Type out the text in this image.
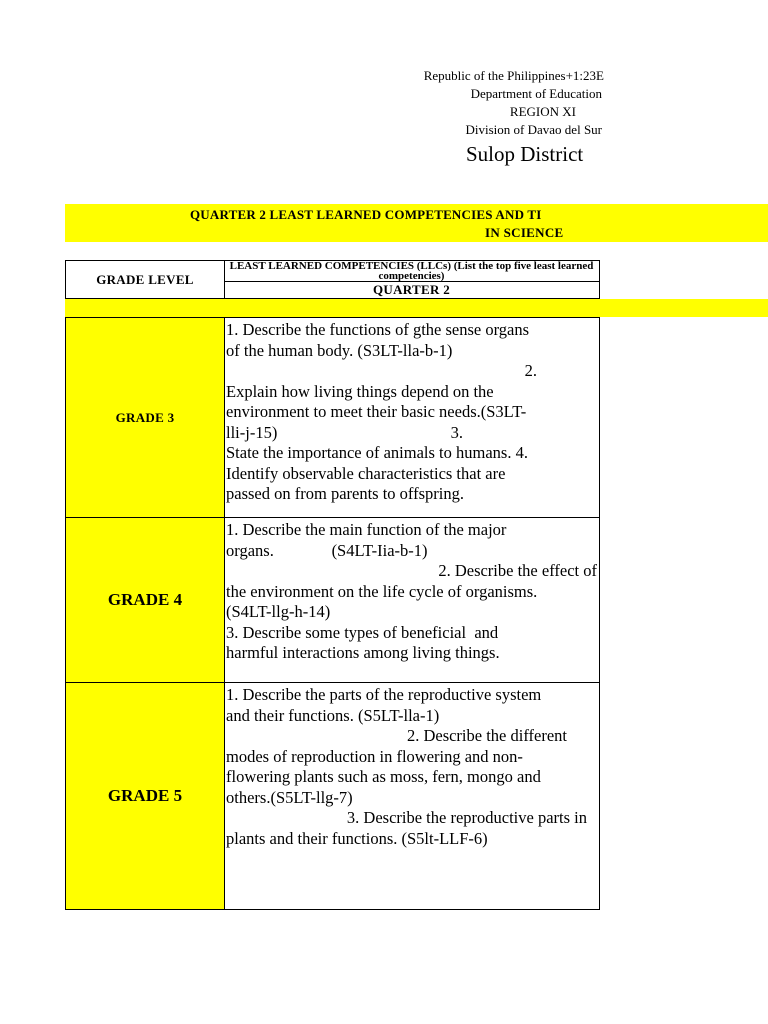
Republic of the Philippines+1:23E
Department of Education
REGION XI
Division of Davao del Sur
Sulop District
QUARTER 2 LEAST LEARNED COMPETENCIES AND TI
IN SCIENCE
GRADE LEVEL
LEAST LEARNED COMPETENCIES (LLCs) (List the top five least learned competencies)
QUARTER 2
GRADE 3
1. Describe the functions of gthe sense organs
of the human body. (S3LT-lla-b-1)
2.
Explain how living things depend on the
environment to meet their basic needs.(S3LT-
lli-j-15)                                          3.
State the importance of animals to humans. 4.
Identify observable characteristics that are
passed on from parents to offspring.
GRADE 4
1. Describe the main function of the major
organs.              (S4LT-Iia-b-1)
2. Describe the effect of
the environment on the life cycle of organisms.
(S4LT-llg-h-14)
3. Describe some types of beneficial  and
harmful interactions among living things.
GRADE 5
1. Describe the parts of the reproductive system
and their functions. (S5LT-lla-1)
2. Describe the different
modes of reproduction in flowering and non-
flowering plants such as moss, fern, mongo and
others.(S5LT-llg-7)
3. Describe the reproductive parts in
plants and their functions. (S5lt-LLF-6)
